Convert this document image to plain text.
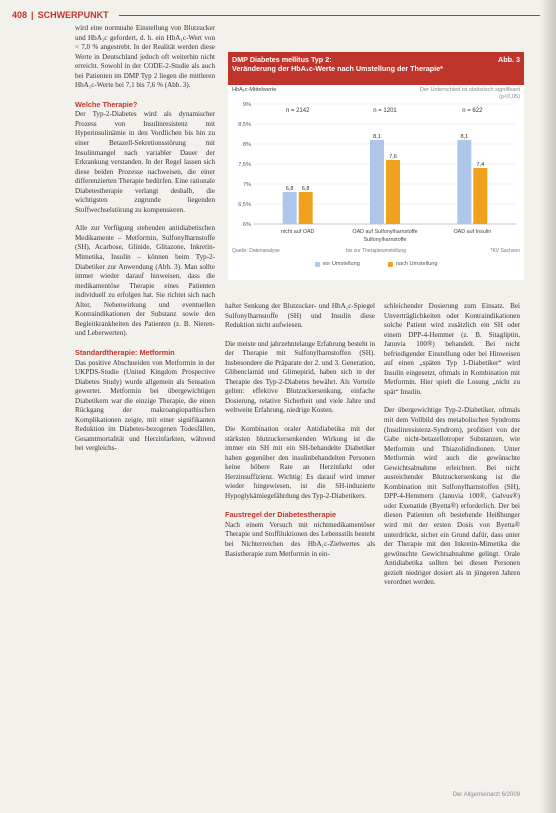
408 | SCHWERPUNKT

wird eine normnahe Einstellung von Blutzucker und HbA₁c gefordert, d. h. ein HbA₁c-Wert von < 7,0 % angestrebt. In der Realität werden diese Werte in Deutschland jedoch oft weiterhin nicht erreicht. Sowohl in der CODE-2-Studie als auch bei Patienten im DMP Typ 2 liegen die mittleren HbA₁c-Werte bei 7,1 bis 7,6 % (Abb. 3).

Welche Therapie?

Der Typ-2-Diabetes wird als dynamischer Prozess von Insulinresistenz mit Hyperinsulinämie in den Vordlichen bis hin zu einer Betazell-Sekretionsstörung mit Insulinmangel nach variabler Dauer der Erkrankung verstanden. In der Regel lassen sich diese beiden Prozesse nachweisen, die einer differenzierten Therapie bedürfen. Eine rationale Diabetestherapie verlangt deshalb, die wichtigsten zugrunde liegenden Stoffwechselstörung zu kompensieren.

Alle zur Verfügung stehenden antidiabetischen Medikamente – Metformin, Sulfonylharnstoffe (SH), Acarbose, Glinide, Glitazone, Inkretin-Mimetika, Insulin – können beim Typ-2-Diabetiker zur Anwendung (Abb. 3). Man sollte immer wieder darauf hinweisen, dass die medikamentöse Therapie eines Patienten individuell zu erfolgen hat. Sie richtet sich nach Alter, Nebenwirkung und eventuellen Kontraindikationen der Substanz sowie den Begleitkrankheiten des Patienten (z. B. Nieren- und Leberwerten).

Standardtherapie: Metformin

Das positive Abschneiden von Metformin in der UKPDS-Studie (United Kingdom Prospective Diabetes Study) wurde allgemein als Sensation gewertet. Metformin bei übergewichtigen Diabetikern war die einzige Therapie, die einen Rückgang der makroangiopathischen Komplikationen zeigte, mit einer signifikanten Reduktion im Diabetes-bezogenen Todesfällen, Gesamtmortalität und Herzinfarkten, während bei vergleichs-

DMP Diabetes mellitus Typ 2:
Veränderung der HbA₁c-Werte nach Umstellung der Therapie*
Abb. 3
HbA₁c-Mittelwerte	Der Unterschied ist statistisch signifikant (p<0,05)
6%
6,5%
7%
7,5%
8%
8,5%
9%
6,8 6,8
n = 2142
nicht auf OAD
8,1
7,6
n = 1201
OAD auf Sulfonylharnstoffe
8,1
7,4
n = 622
OAD auf Insulin
Sulfonylharnstoffe
Quelle: Datenanalyse	bis zur Therapieumstellung	*KV Sachsen
vor Umstellung	nach Umstellung

hafter Senkung der Blutzucker- und HbA₁c-Spiegel Sulfonylharnstoffe (SH) und Insulin diese Reduktion nicht aufwiesen.

Die meiste und jahrzehntelange Erfahrung besteht in der Therapie mit Sulfonylharnstoffen (SH). Insbesondere die Präparate der 2. und 3. Generation, Glibenclamid und Glimepirid, haben sich in der Therapie des Typ-2-Diabetes bewährt. Als Vorteile gelten: effektive Blutzuckersenkung, einfache Dosierung, relative Sicherheit und viele Jahre und weltweite Erfahrung, niedrige Kosten.

Die Kombination oraler Antidiabetika mit der stärksten blutzuckersenkenden Wirkung ist die immer ein SH mit ein SH-behandelte Diabetiker haben gegenüber den insulinbehandelten Personen keine höhere Rate an Herzinfarkt oder Herzinsuffizienz. Wichtig: Es darauf wird immer wieder hingewiesen, ist die SH-induzierte Hypoglykämiegefährdung des Typ-2-Diabetikers.

Faustregel der Diabetestherapie

Nach einem Versuch mit nichtmedikamentöser Therapie und Stoffiluktionen des Lebensstils besteht bei Nichterreichen des HbA₁c-Zielwertes als Basistherapie zum Metformin in ein-

schleichender Dosierung zum Einsatz. Bei Unverträglichkeiten oder Kontraindikationen solche Patient wird zusätzlich ein SH oder einem DPP-4-Hemmer (z. B. Sitagliptin, Januvia 100®) behandelt. Bei nicht befriedigender Einstellung oder bei Hinweisen auf einen „späten Typ 1-Diabetiker“ wird Insulin eingesetzt, oftmals in Kombination mit Metformin. Hier spielt die Losung „nicht zu spät“ Insulin.

Der übergewichtige Typ-2-Diabetiker, oftmals mit dem Vollbild des metabolischen Syndroms (Insulinresistenz-Syndrom), profitiert von der Gabe nicht-betazellotroper Substanzen, wie Metformin und Thiazolidindionen. Unter Metformin wird auch die gewünschte Gewichtsabnahme erleichtert. Bei nicht ausreichender Blutzuckersenkung ist die Kombination mit Sulfonylharnstoffen (SH), DPP-4-Hemmern (Januvia 100®, Galvus®) oder Exenatide (Byetta®) erforderlich. Der bei diesen Patienten oft bestehende Heißhunger wird mit der ersten Dosis von Byetta® unterdrückt, sicher ein Grund dafür, dass unter der Therapie mit den Inkretin-Mimetika die gewünschte Gewichtsabnahme gelingt. Orale Antidiabetika sollten bei diesen Personen gezielt niedriger dosiert als in jüngeren Jahren verordnet werden.

Der Allgemeinarzt 6/2009
